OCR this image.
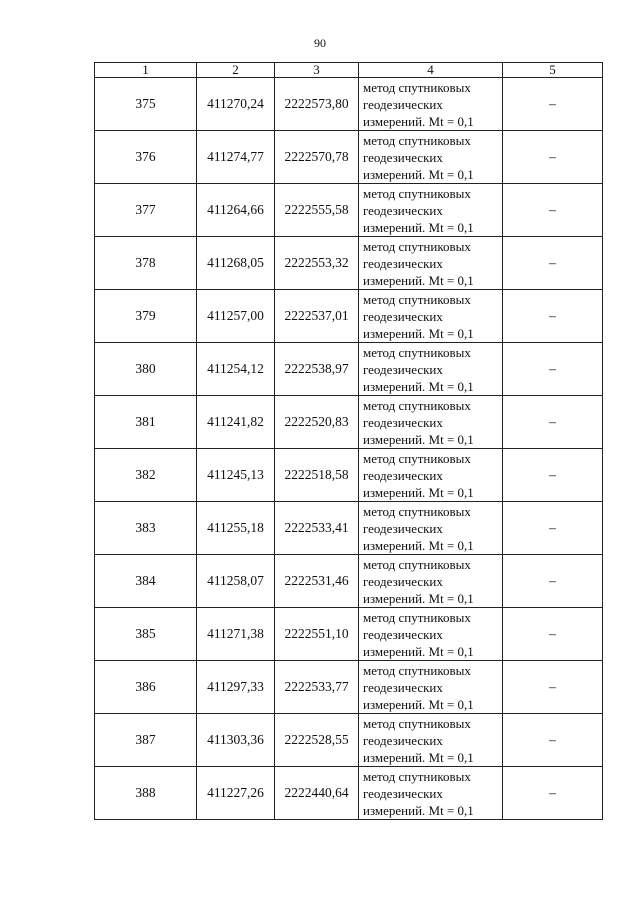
90
1	2	3	4	5
375	411270,24	2222573,80	метод спутниковых
геодезических
измерений. Mt = 0,1	–
376	411274,77	2222570,78	метод спутниковых
геодезических
измерений. Mt = 0,1	–
377	411264,66	2222555,58	метод спутниковых
геодезических
измерений. Mt = 0,1	–
378	411268,05	2222553,32	метод спутниковых
геодезических
измерений. Mt = 0,1	–
379	411257,00	2222537,01	метод спутниковых
геодезических
измерений. Mt = 0,1	–
380	411254,12	2222538,97	метод спутниковых
геодезических
измерений. Mt = 0,1	–
381	411241,82	2222520,83	метод спутниковых
геодезических
измерений. Mt = 0,1	–
382	411245,13	2222518,58	метод спутниковых
геодезических
измерений. Mt = 0,1	–
383	411255,18	2222533,41	метод спутниковых
геодезических
измерений. Mt = 0,1	–
384	411258,07	2222531,46	метод спутниковых
геодезических
измерений. Mt = 0,1	–
385	411271,38	2222551,10	метод спутниковых
геодезических
измерений. Mt = 0,1	–
386	411297,33	2222533,77	метод спутниковых
геодезических
измерений. Mt = 0,1	–
387	411303,36	2222528,55	метод спутниковых
геодезических
измерений. Mt = 0,1	–
388	411227,26	2222440,64	метод спутниковых
геодезических
измерений. Mt = 0,1	–
